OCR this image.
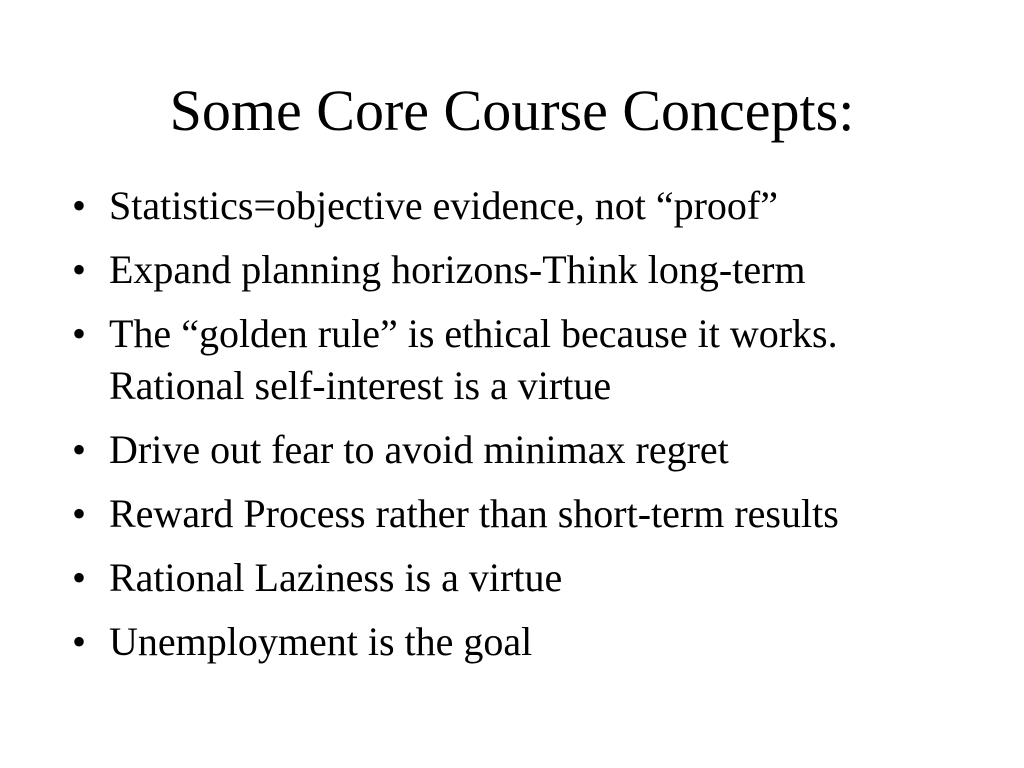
Some Core Course Concepts:
• Statistics=objective evidence, not “proof”
• Expand planning horizons-Think long-term
• The “golden rule” is ethical because it works. Rational self-interest is a virtue
• Drive out fear to avoid minimax regret
• Reward Process rather than short-term results
• Rational Laziness is a virtue
• Unemployment is the goal
